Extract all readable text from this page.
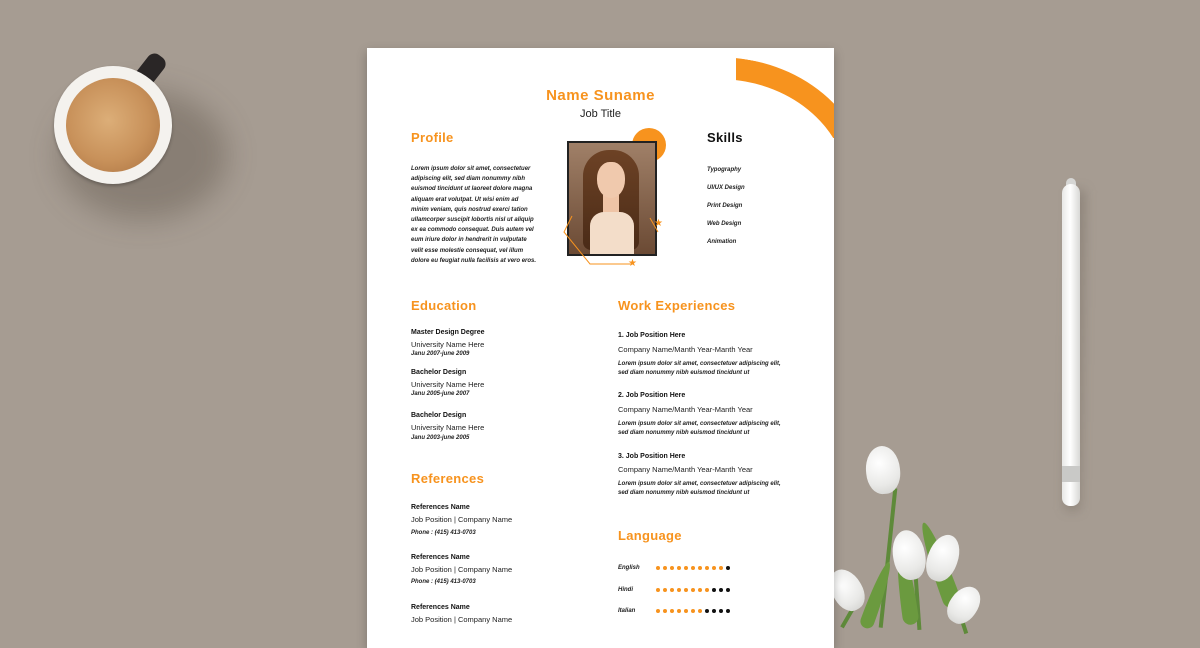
Name Suname
Job Title
Profile
Lorem ipsum dolor sit amet, consectetuer
adipiscing elit, sed diam nonummy nibh
euismod tincidunt ut laoreet dolore magna
aliquam erat volutpat. Ut wisi enim ad
minim veniam, quis nostrud exerci tation
ullamcorper suscipit lobortis nisl ut aliquip
ex ea commodo consequat. Duis autem vel
eum iriure dolor in hendrerit in vulputate
velit esse molestie consequat, vel illum
dolore eu feugiat nulla facilisis at vero eros.
★
★
Skills
Typography
UI/UX Design
Print Design
Web Design
Animation
Education
Master Design Degree
University Name Here
Janu 2007-june 2009
Bachelor Design
University Name Here
Janu 2005-june 2007
Bachelor Design
University Name Here
Janu 2003-june 2005
References
References Name
Job Position | Company Name
Phone : (415) 413-0703
References Name
Job Position | Company Name
Phone : (415) 413-0703
References Name
Job Position | Company Name
Work Experiences
1. Job Position Here
Company Name/Manth Year-Manth Year
Lorem ipsum dolor sit amet, consectetuer adipiscing elit,
sed diam nonummy nibh euismod tincidunt ut
2. Job Position Here
Company Name/Manth Year-Manth Year
Lorem ipsum dolor sit amet, consectetuer adipiscing elit,
sed diam nonummy nibh euismod tincidunt ut
3. Job Position Here
Company Name/Manth Year-Manth Year
Lorem ipsum dolor sit amet, consectetuer adipiscing elit,
sed diam nonummy nibh euismod tincidunt ut
Language
English
Hindi
Italian
